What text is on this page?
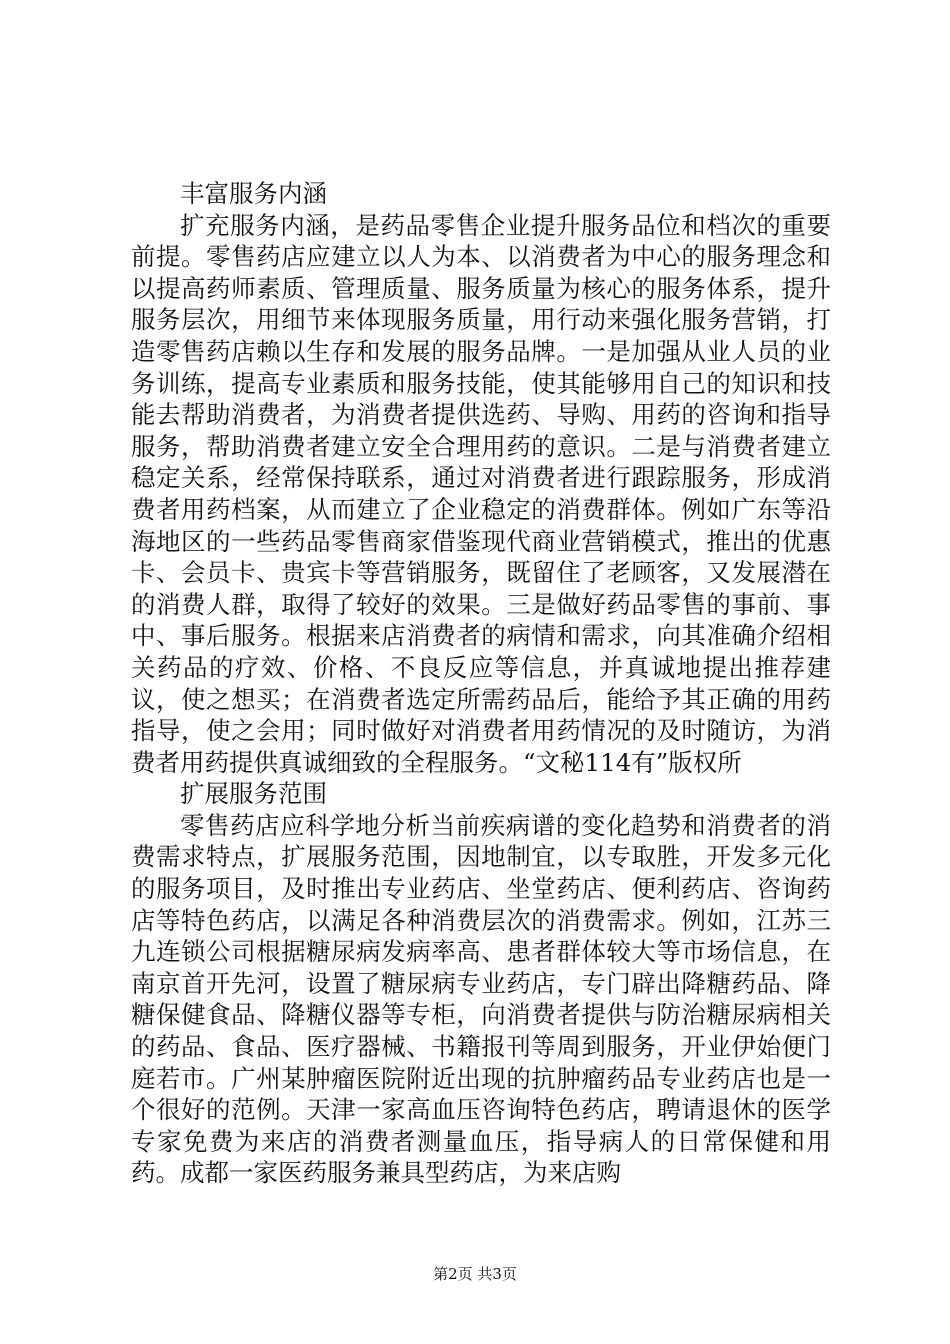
丰富服务内涵

扩充服务内涵，是药品零售企业提升服务品位和档次的重要前提。零售药店应建立以人为本、以消费者为中心的服务理念和以提高药师素质、管理质量、服务质量为核心的服务体系，提升服务层次，用细节来体现服务质量，用行动来强化服务营销，打造零售药店赖以生存和发展的服务品牌。一是加强从业人员的业务训练，提高专业素质和服务技能，使其能够用自己的知识和技能去帮助消费者，为消费者提供选药、导购、用药的咨询和指导服务，帮助消费者建立安全合理用药的意识。二是与消费者建立稳定关系，经常保持联系，通过对消费者进行跟踪服务，形成消费者用药档案，从而建立了企业稳定的消费群体。例如广东等沿海地区的一些药品零售商家借鉴现代商业营销模式，推出的优惠卡、会员卡、贵宾卡等营销服务，既留住了老顾客，又发展潜在的消费人群，取得了较好的效果。三是做好药品零售的事前、事中、事后服务。根据来店消费者的病情和需求，向其准确介绍相关药品的疗效、价格、不良反应等信息，并真诚地提出推荐建议，使之想买；在消费者选定所需药品后，能给予其正确的用药指导，使之会用；同时做好对消费者用药情况的及时随访，为消费者用药提供真诚细致的全程服务。“文秘114有”版权所

扩展服务范围

零售药店应科学地分析当前疾病谱的变化趋势和消费者的消费需求特点，扩展服务范围，因地制宜，以专取胜，开发多元化的服务项目，及时推出专业药店、坐堂药店、便利药店、咨询药店等特色药店，以满足各种消费层次的消费需求。例如，江苏三九连锁公司根据糖尿病发病率高、患者群体较大等市场信息，在南京首开先河，设置了糖尿病专业药店，专门辟出降糖药品、降糖保健食品、降糖仪器等专柜，向消费者提供与防治糖尿病相关的药品、食品、医疗器械、书籍报刊等周到服务，开业伊始便门庭若市。广州某肿瘤医院附近出现的抗肿瘤药品专业药店也是一个很好的范例。天津一家高血压咨询特色药店，聘请退休的医学专家免费为来店的消费者测量血压，指导病人的日常保健和用药。成都一家医药服务兼具型药店，为来店购

第2页 共3页
